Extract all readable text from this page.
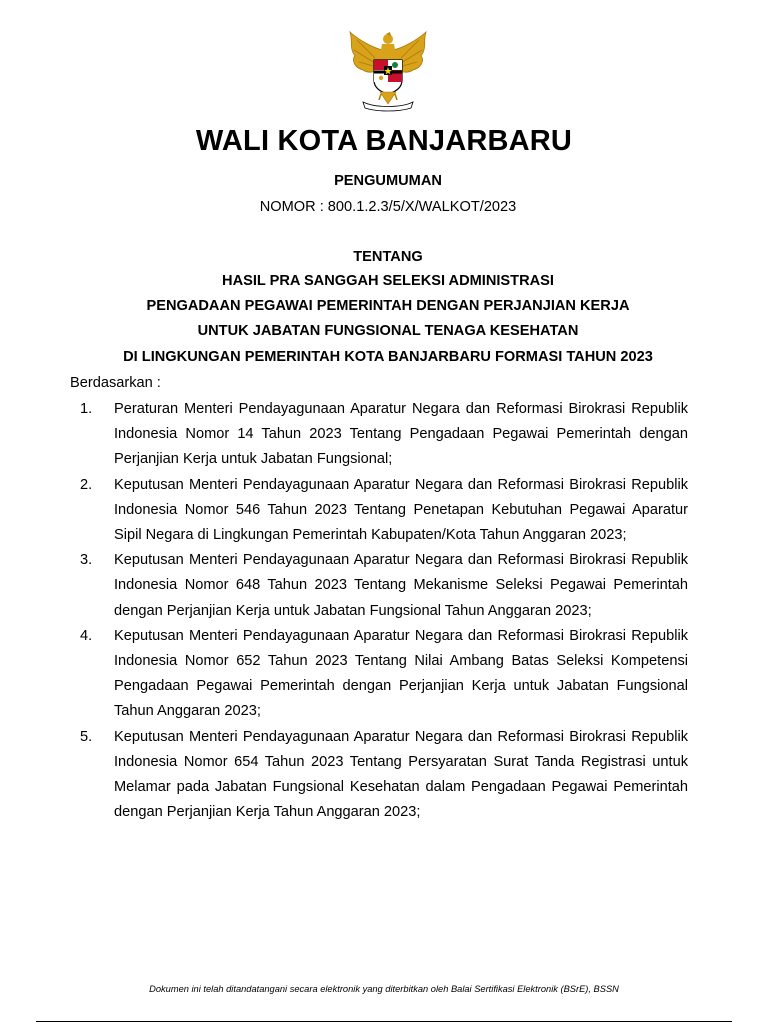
WALI KOTA BANJARBARU
PENGUMUMAN
NOMOR : 800.1.2.3/5/X/WALKOT/2023
TENTANG
HASIL PRA SANGGAH SELEKSI ADMINISTRASI
PENGADAAN PEGAWAI PEMERINTAH DENGAN PERJANJIAN KERJA
UNTUK JABATAN FUNGSIONAL TENAGA KESEHATAN
DI LINGKUNGAN PEMERINTAH KOTA BANJARBARU FORMASI TAHUN 2023
Berdasarkan :
1.	Peraturan Menteri Pendayagunaan Aparatur Negara dan Reformasi Birokrasi Republik Indonesia Nomor 14 Tahun 2023 Tentang Pengadaan Pegawai Pemerintah dengan Perjanjian Kerja untuk Jabatan Fungsional;
2.	Keputusan Menteri Pendayagunaan Aparatur Negara dan Reformasi Birokrasi Republik Indonesia Nomor 546 Tahun 2023 Tentang Penetapan Kebutuhan Pegawai Aparatur Sipil Negara di Lingkungan Pemerintah Kabupaten/Kota Tahun Anggaran 2023;
3.	Keputusan Menteri Pendayagunaan Aparatur Negara dan Reformasi Birokrasi Republik Indonesia Nomor 648 Tahun 2023 Tentang Mekanisme Seleksi Pegawai Pemerintah dengan Perjanjian Kerja untuk Jabatan Fungsional Tahun Anggaran 2023;
4.	Keputusan Menteri Pendayagunaan Aparatur Negara dan Reformasi Birokrasi Republik Indonesia Nomor 652 Tahun 2023 Tentang Nilai Ambang Batas Seleksi Kompetensi Pengadaan Pegawai Pemerintah dengan Perjanjian Kerja untuk Jabatan Fungsional Tahun Anggaran 2023;
5.	Keputusan Menteri Pendayagunaan Aparatur Negara dan Reformasi Birokrasi Republik Indonesia Nomor 654 Tahun 2023 Tentang Persyaratan Surat Tanda Registrasi untuk Melamar pada Jabatan Fungsional Kesehatan dalam Pengadaan Pegawai Pemerintah dengan Perjanjian Kerja Tahun Anggaran 2023;
Dokumen ini telah ditandatangani secara elektronik yang diterbitkan oleh Balai Sertifikasi Elektronik (BSrE), BSSN
